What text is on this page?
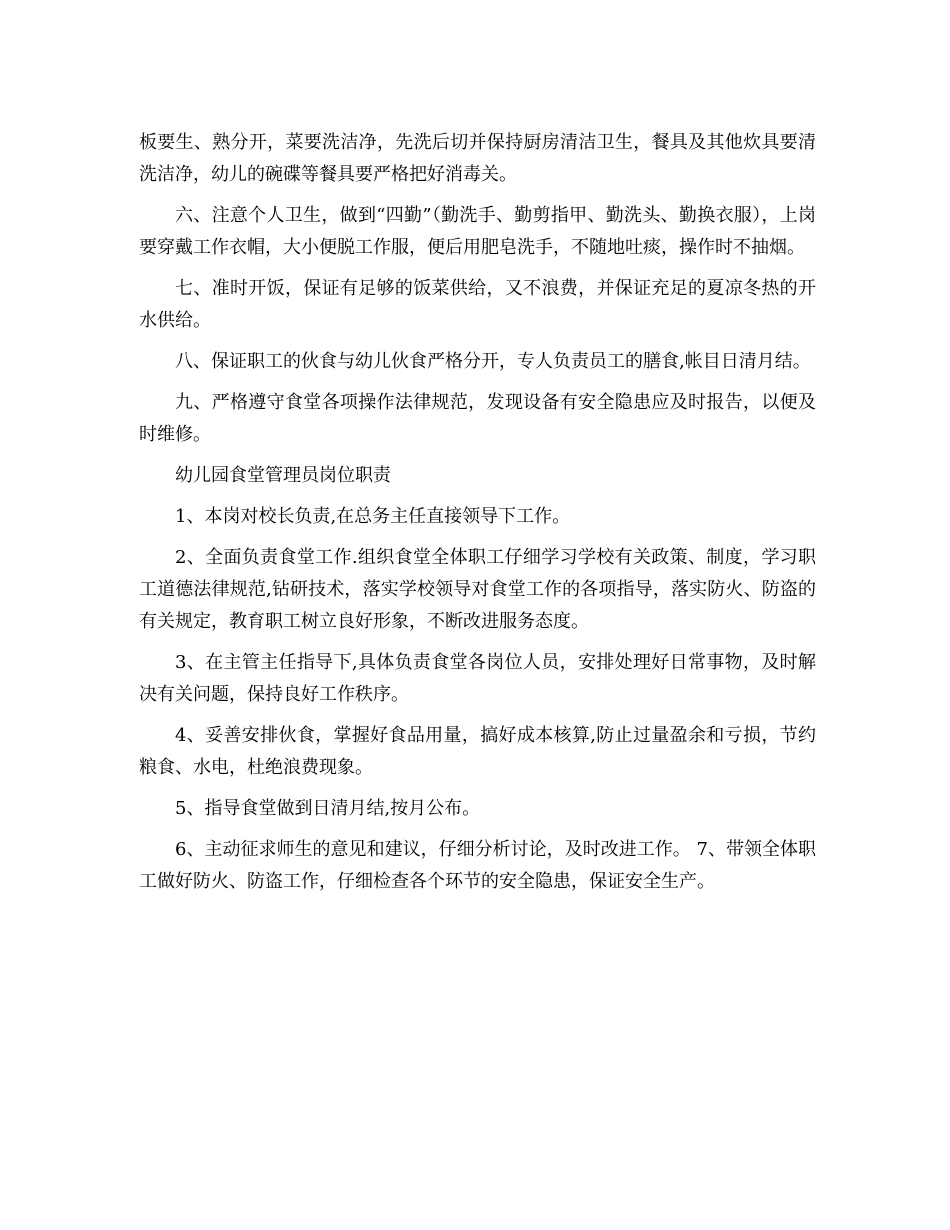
板要生、熟分开，菜要洗洁净，先洗后切并保持厨房清洁卫生，餐具及其他炊具要清洗洁净，幼儿的碗碟等餐具要严格把好消毒关。

六、注意个人卫生，做到“四勤”（勤洗手、勤剪指甲、勤洗头、勤换衣服），上岗要穿戴工作衣帽，大小便脱工作服，便后用肥皂洗手，不随地吐痰，操作时不抽烟。

七、准时开饭，保证有足够的饭菜供给，又不浪费，并保证充足的夏凉冬热的开水供给。

八、保证职工的伙食与幼儿伙食严格分开，专人负责员工的膳食,帐目日清月结。

九、严格遵守食堂各项操作法律规范，发现设备有安全隐患应及时报告，以便及时维修。

幼儿园食堂管理员岗位职责

1、本岗对校长负责,在总务主任直接领导下工作。

2、全面负责食堂工作.组织食堂全体职工仔细学习学校有关政策、制度，学习职工道德法律规范,钻研技术，落实学校领导对食堂工作的各项指导，落实防火、防盗的有关规定，教育职工树立良好形象，不断改进服务态度。

3、在主管主任指导下,具体负责食堂各岗位人员，安排处理好日常事物，及时解决有关问题，保持良好工作秩序。

4、妥善安排伙食，掌握好食品用量，搞好成本核算,防止过量盈余和亏损，节约粮食、水电，杜绝浪费现象。

5、指导食堂做到日清月结,按月公布。

6、主动征求师生的意见和建议，仔细分析讨论，及时改进工作。 7、带领全体职工做好防火、防盗工作，仔细检查各个环节的安全隐患，保证安全生产。
